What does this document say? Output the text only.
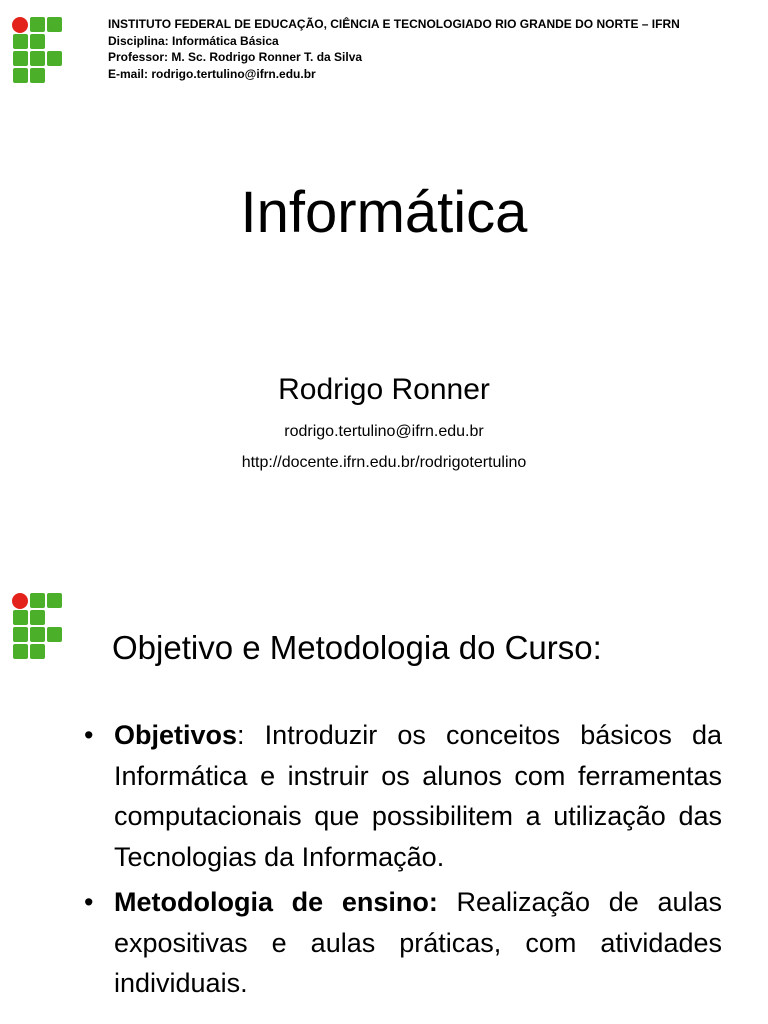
INSTITUTO FEDERAL DE EDUCAÇÃO, CIÊNCIA E TECNOLOGIADO RIO GRANDE DO NORTE – IFRN
Disciplina: Informática Básica
Professor: M. Sc. Rodrigo Ronner T. da Silva
E-mail: rodrigo.tertulino@ifrn.edu.br
Informática
Rodrigo Ronner
rodrigo.tertulino@ifrn.edu.br
http://docente.ifrn.edu.br/rodrigotertulino
Objetivo e Metodologia do Curso:
• Objetivos: Introduzir os conceitos básicos da Informática e instruir os alunos com ferramentas computacionais que possibilitem a utilização das Tecnologias da Informação.
• Metodologia de ensino: Realização de aulas expositivas e aulas práticas, com atividades individuais.
